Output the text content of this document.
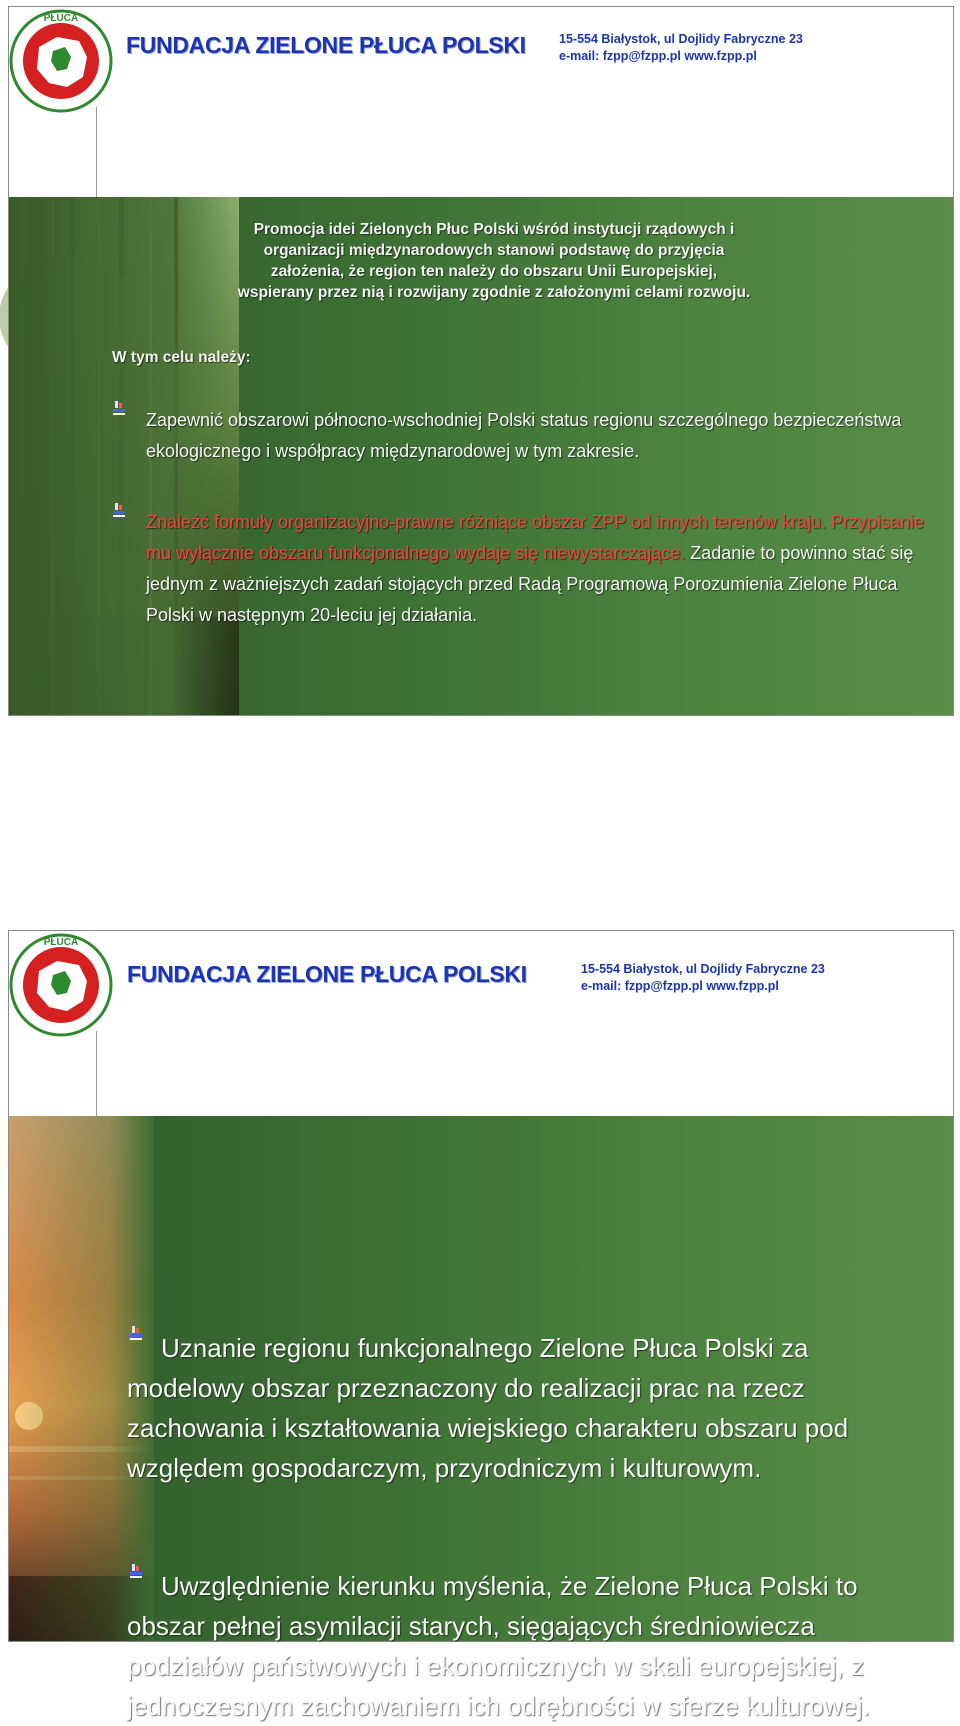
PŁUCA
FUNDACJA ZIELONE PŁUCA POLSKI	15-554 Białystok, ul Dojlidy Fabryczne 23
e-mail: fzpp@fzpp.pl www.fzpp.pl
Promocja idei Zielonych Płuc Polski wśród instytucji rządowych i organizacji międzynarodowych stanowi podstawę do przyjęcia założenia, że region ten należy do obszaru Unii Europejskiej, wspierany przez nią i rozwijany zgodnie z założonymi celami rozwoju.
W tym celu należy:
Zapewnić obszarowi północno-wschodniej Polski status regionu szczególnego bezpieczeństwa ekologicznego i współpracy międzynarodowej w tym zakresie.
Znaleźć formuły organizacyjno-prawne różniące obszar ZPP od innych terenów kraju. Przypisanie mu wyłącznie obszaru funkcjonalnego wydaje się niewystarczające. Zadanie to powinno stać się jednym z ważniejszych zadań stojących przed Radą Programową Porozumienia Zielone Płuca Polski w następnym 20-leciu jej działania.
PŁUCA
FUNDACJA ZIELONE PŁUCA POLSKI	15-554 Białystok, ul Dojlidy Fabryczne 23
e-mail: fzpp@fzpp.pl www.fzpp.pl
Uznanie regionu funkcjonalnego Zielone Płuca Polski za modelowy obszar przeznaczony do realizacji prac na rzecz zachowania i kształtowania wiejskiego charakteru obszaru pod względem gospodarczym, przyrodniczym i kulturowym.
Uwzględnienie kierunku myślenia, że Zielone Płuca Polski to obszar pełnej asymilacji starych, sięgających średniowiecza podziałów państwowych i ekonomicznych w skali europejskiej, z jednoczesnym zachowaniem ich odrębności w sferze kulturowej.
